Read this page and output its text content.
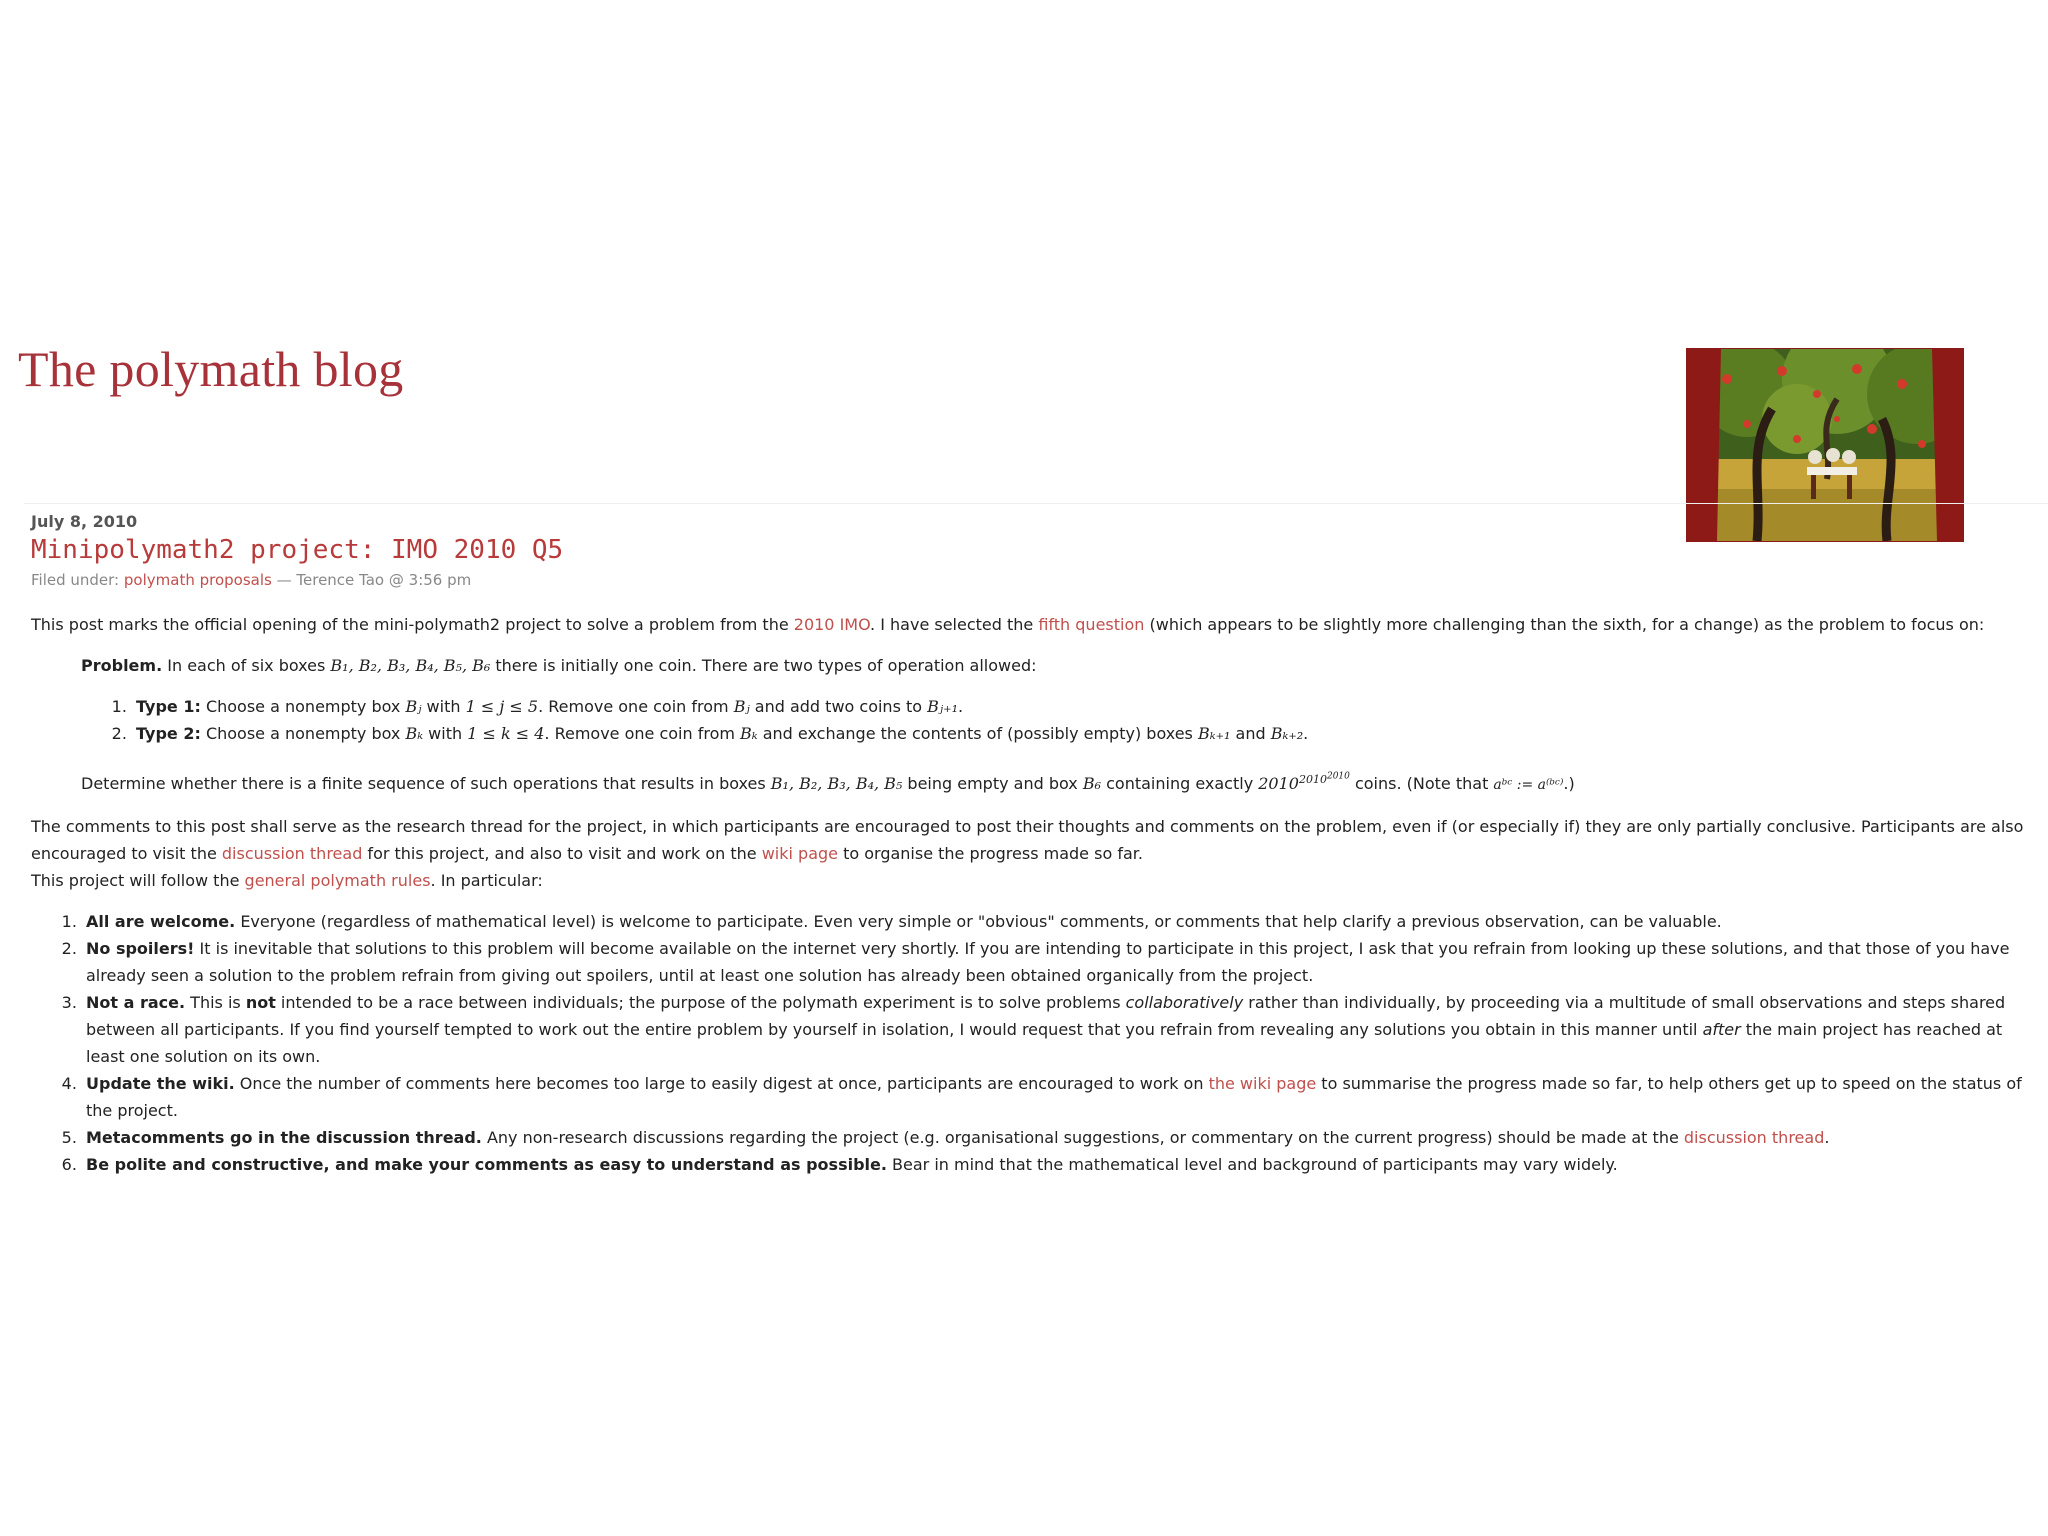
The polymath blog
July 8, 2010
Minipolymath2 project: IMO 2010 Q5
Filed under: polymath proposals — Terence Tao @ 3:56 pm

This post marks the official opening of the mini-polymath2 project to solve a problem from the 2010 IMO. I have selected the fifth question (which appears to be slightly more challenging than the sixth, for a change) as the problem to focus on:

Problem. In each of six boxes B₁, B₂, B₃, B₄, B₅, B₆ there is initially one coin. There are two types of operation allowed:

1. Type 1: Choose a nonempty box Bⱼ with 1 ≤ j ≤ 5. Remove one coin from Bⱼ and add two coins to Bⱼ₊₁.
2. Type 2: Choose a nonempty box Bₖ with 1 ≤ k ≤ 4. Remove one coin from Bₖ and exchange the contents of (possibly empty) boxes Bₖ₊₁ and Bₖ₊₂.

Determine whether there is a finite sequence of such operations that results in boxes B₁, B₂, B₃, B₄, B₅ being empty and box B₆ containing exactly $2010^{2010^{2010}}$ coins. (Note that aᵇᶜ := a⁽ᵇᶜ⁾.)

The comments to this post shall serve as the research thread for the project, in which participants are encouraged to post their thoughts and comments on the problem, even if (or especially if) they are only partially conclusive. Participants are also encouraged to visit the discussion thread for this project, and also to visit and work on the wiki page to organise the progress made so far.
This project will follow the general polymath rules. In particular:

1. All are welcome. Everyone (regardless of mathematical level) is welcome to participate. Even very simple or "obvious" comments, or comments that help clarify a previous observation, can be valuable.
2. No spoilers! It is inevitable that solutions to this problem will become available on the internet very shortly. If you are intending to participate in this project, I ask that you refrain from looking up these solutions, and that those of you have already seen a solution to the problem refrain from giving out spoilers, until at least one solution has already been obtained organically from the project.
3. Not a race. This is not intended to be a race between individuals; the purpose of the polymath experiment is to solve problems collaboratively rather than individually, by proceeding via a multitude of small observations and steps shared between all participants. If you find yourself tempted to work out the entire problem by yourself in isolation, I would request that you refrain from revealing any solutions you obtain in this manner until after the main project has reached at least one solution on its own.
4. Update the wiki. Once the number of comments here becomes too large to easily digest at once, participants are encouraged to work on the wiki page to summarise the progress made so far, to help others get up to speed on the status of the project.
5. Metacomments go in the discussion thread. Any non-research discussions regarding the project (e.g. organisational suggestions, or commentary on the current progress) should be made at the discussion thread.
6. Be polite and constructive, and make your comments as easy to understand as possible. Bear in mind that the mathematical level and background of participants may vary widely.
